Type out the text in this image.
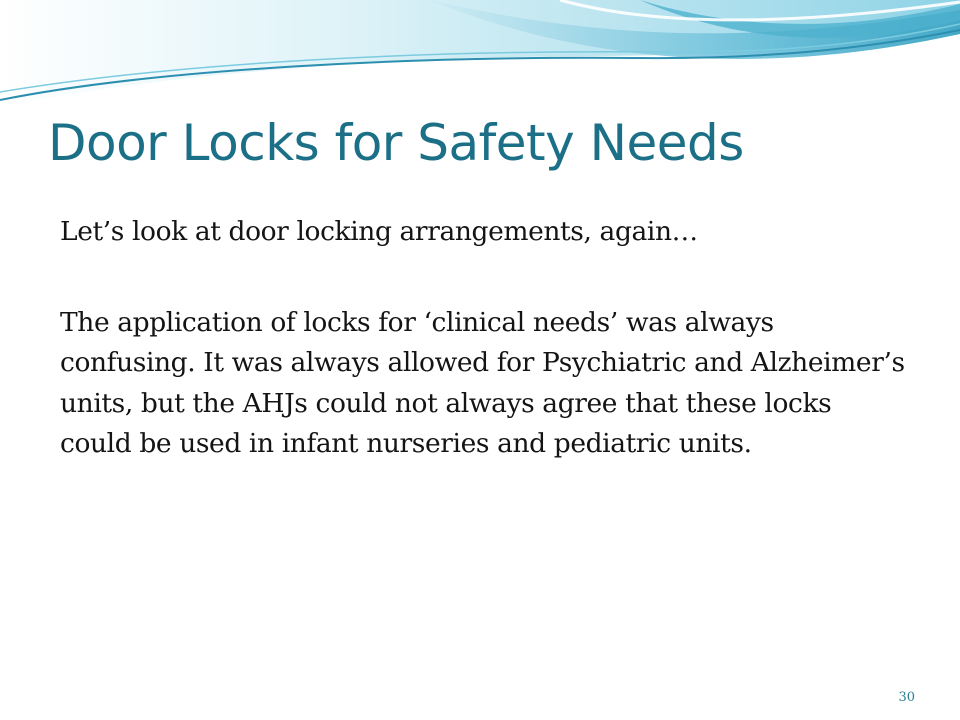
Door Locks for Safety Needs

Let’s look at door locking arrangements, again…

The application of locks for ‘clinical needs’ was always confusing. It was always allowed for Psychiatric and Alzheimer’s units, but the AHJs could not always agree that these locks could be used in infant nurseries and pediatric units.

30
